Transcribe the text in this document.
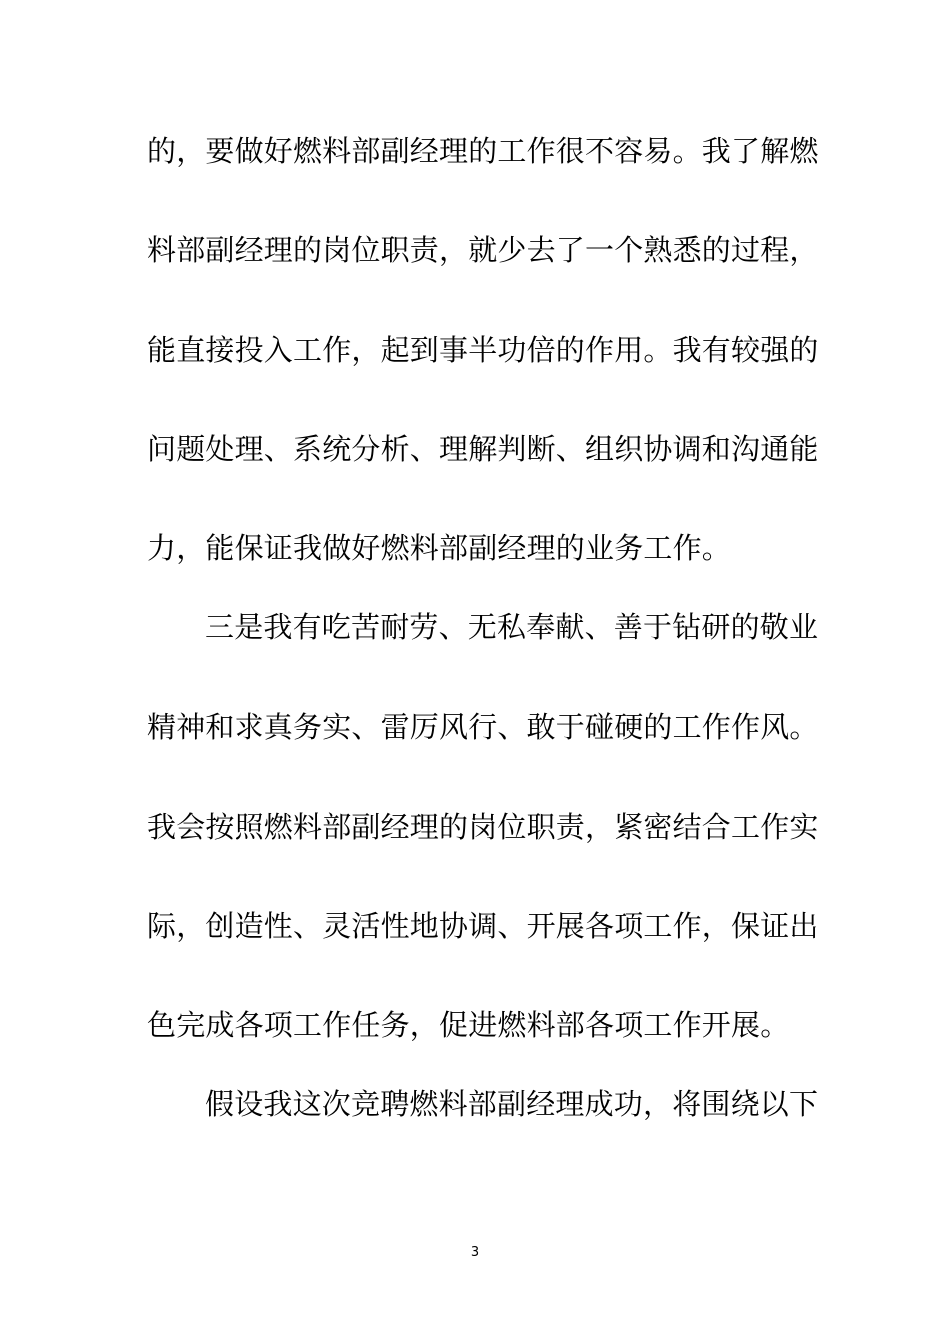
的，要做好燃料部副经理的工作很不容易。我了解燃
料部副经理的岗位职责，就少去了一个熟悉的过程，
能直接投入工作，起到事半功倍的作用。我有较强的
问题处理、系统分析、理解判断、组织协调和沟通能
力，能保证我做好燃料部副经理的业务工作。
三是我有吃苦耐劳、无私奉献、善于钻研的敬业
精神和求真务实、雷厉风行、敢于碰硬的工作作风。
我会按照燃料部副经理的岗位职责，紧密结合工作实
际，创造性、灵活性地协调、开展各项工作，保证出
色完成各项工作任务，促进燃料部各项工作开展。
假设我这次竞聘燃料部副经理成功，将围绕以下
3
